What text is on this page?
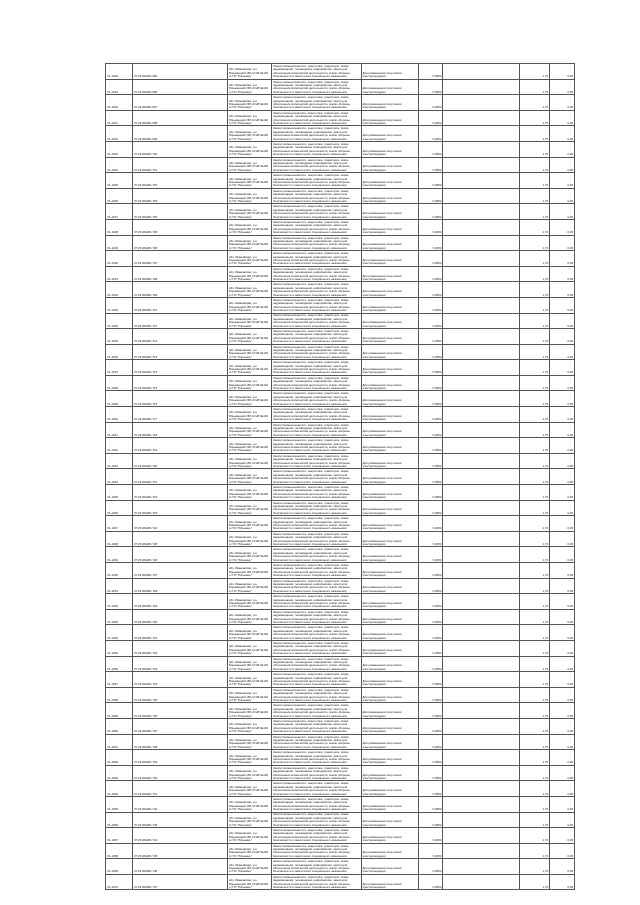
V1-1018	37:22:000201:692	обл. Ивановская, р-н Юрьевецкий, ВЛ-10 кВ №102 от ПС "Юрьевец"	Земли промышленности, энергетики, транспорта, связи, радиовещания, телевидения, информатики, земли для обеспечения космической деятельности, земли обороны, безопасности и земли иного специального назначения	Для размещения опор линии электропередачи	0,0054		1,70	0,09
V1-1019	37:22:000201:696	обл. Ивановская, р-н Юрьевецкий, ВЛ-10 кВ №102 от ПС "Юрьевец"	Земли промышленности, энергетики, транспорта, связи, радиовещания, телевидения, информатики, земли для обеспечения космической деятельности, земли обороны, безопасности и земли иного специального назначения	Для размещения опор линии электропередачи	0,0054		1,70	0,09
V1-1020	37:22:000201:697	обл. Ивановская, р-н Юрьевецкий, ВЛ-10 кВ №102 от ПС "Юрьевец"	Земли промышленности, энергетики, транспорта, связи, радиовещания, телевидения, информатики, земли для обеспечения космической деятельности, земли обороны, безопасности и земли иного специального назначения	Для размещения опор линии электропередачи	0,0054		1,70	0,09
V1-1021	37:22:000201:698	обл. Ивановская, р-н Юрьевецкий, ВЛ-10 кВ №102 от ПС "Юрьевец"	Земли промышленности, энергетики, транспорта, связи, радиовещания, телевидения, информатики, земли для обеспечения космической деятельности, земли обороны, безопасности и земли иного специального назначения	Для размещения опор линии электропередачи	0,0054		1,70	0,09
V1-1022	37:22:000201:699	обл. Ивановская, р-н Юрьевецкий, ВЛ-10 кВ №102 от ПС "Юрьевец"	Земли промышленности, энергетики, транспорта, связи, радиовещания, телевидения, информатики, земли для обеспечения космической деятельности, земли обороны, безопасности и земли иного специального назначения	Для размещения опор линии электропередачи	0,0054		1,70	0,09
V1-1023	37:22:000201:700	обл. Ивановская, р-н Юрьевецкий, ВЛ-10 кВ №102 от ПС "Юрьевец"	Земли промышленности, энергетики, транспорта, связи, радиовещания, телевидения, информатики, земли для обеспечения космической деятельности, земли обороны, безопасности и земли иного специального назначения	Для размещения опор линии электропередачи	0,0054		1,70	0,09
V1-1024	37:22:000201:701	обл. Ивановская, р-н Юрьевецкий, ВЛ-10 кВ №102 от ПС "Юрьевец"	Земли промышленности, энергетики, транспорта, связи, радиовещания, телевидения, информатики, земли для обеспечения космической деятельности, земли обороны, безопасности и земли иного специального назначения	Для размещения опор линии электропередачи	0,0054		1,70	0,09
V1-1025	37:22:000201:702	обл. Ивановская, р-н Юрьевецкий, ВЛ-10 кВ №102 от ПС "Юрьевец"	Земли промышленности, энергетики, транспорта, связи, радиовещания, телевидения, информатики, земли для обеспечения космической деятельности, земли обороны, безопасности и земли иного специального назначения	Для размещения опор линии электропередачи	0,0054		1,70	0,09
V1-1026	37:22:000201:703	обл. Ивановская, р-н Юрьевецкий, ВЛ-10 кВ №102 от ПС "Юрьевец"	Земли промышленности, энергетики, транспорта, связи, радиовещания, телевидения, информатики, земли для обеспечения космической деятельности, земли обороны, безопасности и земли иного специального назначения	Для размещения опор линии электропередачи	0,0054		1,70	0,09
V1-1027	37:22:000201:704	обл. Ивановская, р-н Юрьевецкий, ВЛ-10 кВ №102 от ПС "Юрьевец"	Земли промышленности, энергетики, транспорта, связи, радиовещания, телевидения, информатики, земли для обеспечения космической деятельности, земли обороны, безопасности и земли иного специального назначения	Для размещения опор линии электропередачи	0,0054		1,70	0,09
V1-1028	37:22:000201:705	обл. Ивановская, р-н Юрьевецкий, ВЛ-10 кВ №102 от ПС "Юрьевец"	Земли промышленности, энергетики, транспорта, связи, радиовещания, телевидения, информатики, земли для обеспечения космической деятельности, земли обороны, безопасности и земли иного специального назначения	Для размещения опор линии электропередачи	0,0054		1,70	0,09
V1-1029	37:22:000201:706	обл. Ивановская, р-н Юрьевецкий, ВЛ-10 кВ №102 от ПС "Юрьевец"	Земли промышленности, энергетики, транспорта, связи, радиовещания, телевидения, информатики, земли для обеспечения космической деятельности, земли обороны, безопасности и земли иного специального назначения	Для размещения опор линии электропередачи	0,0054		1,70	0,09
V1-1030	37:22:000201:707	обл. Ивановская, р-н Юрьевецкий, ВЛ-10 кВ №102 от ПС "Юрьевец"	Земли промышленности, энергетики, транспорта, связи, радиовещания, телевидения, информатики, земли для обеспечения космической деятельности, земли обороны, безопасности и земли иного специального назначения	Для размещения опор линии электропередачи	0,0054		1,70	0,09
V1-1031	37:22:000201:708	обл. Ивановская, р-н Юрьевецкий, ВЛ-10 кВ №102 от ПС "Юрьевец"	Земли промышленности, энергетики, транспорта, связи, радиовещания, телевидения, информатики, земли для обеспечения космической деятельности, земли обороны, безопасности и земли иного специального назначения	Для размещения опор линии электропередачи	0,0054		1,70	0,09
V1-1032	37:22:000201:709	обл. Ивановская, р-н Юрьевецкий, ВЛ-10 кВ №102 от ПС "Юрьевец"	Земли промышленности, энергетики, транспорта, связи, радиовещания, телевидения, информатики, земли для обеспечения космической деятельности, земли обороны, безопасности и земли иного специального назначения	Для размещения опор линии электропередачи	0,0054		1,70	0,09
V1-1033	37:22:000201:710	обл. Ивановская, р-н Юрьевецкий, ВЛ-10 кВ №102 от ПС "Юрьевец"	Земли промышленности, энергетики, транспорта, связи, радиовещания, телевидения, информатики, земли для обеспечения космической деятельности, земли обороны, безопасности и земли иного специального назначения	Для размещения опор линии электропередачи	0,0054		1,70	0,09
V1-1034	37:22:000201:711	обл. Ивановская, р-н Юрьевецкий, ВЛ-10 кВ №102 от ПС "Юрьевец"	Земли промышленности, энергетики, транспорта, связи, радиовещания, телевидения, информатики, земли для обеспечения космической деятельности, земли обороны, безопасности и земли иного специального назначения	Для размещения опор линии электропередачи	0,0054		1,70	0,09
V1-1035	37:22:000201:712	обл. Ивановская, р-н Юрьевецкий, ВЛ-10 кВ №102 от ПС "Юрьевец"	Земли промышленности, энергетики, транспорта, связи, радиовещания, телевидения, информатики, земли для обеспечения космической деятельности, земли обороны, безопасности и земли иного специального назначения	Для размещения опор линии электропередачи	0,0054		1,70	0,09
V1-1036	37:22:000201:713	обл. Ивановская, р-н Юрьевецкий, ВЛ-10 кВ №102 от ПС "Юрьевец"	Земли промышленности, энергетики, транспорта, связи, радиовещания, телевидения, информатики, земли для обеспечения космической деятельности, земли обороны, безопасности и земли иного специального назначения	Для размещения опор линии электропередачи	0,0054		1,70	0,09
V1-1037	37:22:000201:714	обл. Ивановская, р-н Юрьевецкий, ВЛ-10 кВ №102 от ПС "Юрьевец"	Земли промышленности, энергетики, транспорта, связи, радиовещания, телевидения, информатики, земли для обеспечения космической деятельности, земли обороны, безопасности и земли иного специального назначения	Для размещения опор линии электропередачи	0,0054		1,70	0,09
V1-1038	37:22:000201:715	обл. Ивановская, р-н Юрьевецкий, ВЛ-10 кВ №102 от ПС "Юрьевец"	Земли промышленности, энергетики, транспорта, связи, радиовещания, телевидения, информатики, земли для обеспечения космической деятельности, земли обороны, безопасности и земли иного специального назначения	Для размещения опор линии электропередачи	0,0054		1,70	0,09
V1-1039	37:22:000201:716	обл. Ивановская, р-н Юрьевецкий, ВЛ-10 кВ №102 от ПС "Юрьевец"	Земли промышленности, энергетики, транспорта, связи, радиовещания, телевидения, информатики, земли для обеспечения космической деятельности, земли обороны, безопасности и земли иного специального назначения	Для размещения опор линии электропередачи	0,0054		1,70	0,09
V1-1040	37:22:000201:717	обл. Ивановская, р-н Юрьевецкий, ВЛ-10 кВ №102 от ПС "Юрьевец"	Земли промышленности, энергетики, транспорта, связи, радиовещания, телевидения, информатики, земли для обеспечения космической деятельности, земли обороны, безопасности и земли иного специального назначения	Для размещения опор линии электропередачи	0,0054		1,70	0,09
V1-1041	37:22:000201:718	обл. Ивановская, р-н Юрьевецкий, ВЛ-10 кВ №102 от ПС "Юрьевец"	Земли промышленности, энергетики, транспорта, связи, радиовещания, телевидения, информатики, земли для обеспечения космической деятельности, земли обороны, безопасности и земли иного специального назначения	Для размещения опор линии электропередачи	0,0054		1,70	0,09
V1-1042	37:22:000201:719	обл. Ивановская, р-н Юрьевецкий, ВЛ-10 кВ №102 от ПС "Юрьевец"	Земли промышленности, энергетики, транспорта, связи, радиовещания, телевидения, информатики, земли для обеспечения космической деятельности, земли обороны, безопасности и земли иного специального назначения	Для размещения опор линии электропередачи	0,0054		1,70	0,09
V1-1043	37:22:000201:720	обл. Ивановская, р-н Юрьевецкий, ВЛ-10 кВ №102 от ПС "Юрьевец"	Земли промышленности, энергетики, транспорта, связи, радиовещания, телевидения, информатики, земли для обеспечения космической деятельности, земли обороны, безопасности и земли иного специального назначения	Для размещения опор линии электропередачи	0,0054		1,70	0,09
V1-1044	37:22:000201:721	обл. Ивановская, р-н Юрьевецкий, ВЛ-10 кВ №102 от ПС "Юрьевец"	Земли промышленности, энергетики, транспорта, связи, радиовещания, телевидения, информатики, земли для обеспечения космической деятельности, земли обороны, безопасности и земли иного специального назначения	Для размещения опор линии электропередачи	0,0054		1,70	0,09
V1-1045	37:22:000201:722	обл. Ивановская, р-н Юрьевецкий, ВЛ-10 кВ №102 от ПС "Юрьевец"	Земли промышленности, энергетики, транспорта, связи, радиовещания, телевидения, информатики, земли для обеспечения космической деятельности, земли обороны, безопасности и земли иного специального назначения	Для размещения опор линии электропередачи	0,0054		1,70	0,09
V1-1046	37:22:000201:723	обл. Ивановская, р-н Юрьевецкий, ВЛ-10 кВ №102 от ПС "Юрьевец"	Земли промышленности, энергетики, транспорта, связи, радиовещания, телевидения, информатики, земли для обеспечения космической деятельности, земли обороны, безопасности и земли иного специального назначения	Для размещения опор линии электропередачи	0,0054		1,70	0,09
V1-1047	37:22:000201:724	обл. Ивановская, р-н Юрьевецкий, ВЛ-10 кВ №102 от ПС "Юрьевец"	Земли промышленности, энергетики, транспорта, связи, радиовещания, телевидения, информатики, земли для обеспечения космической деятельности, земли обороны, безопасности и земли иного специального назначения	Для размещения опор линии электропередачи	0,0054		1,70	0,09
V1-1048	37:22:000201:725	обл. Ивановская, р-н Юрьевецкий, ВЛ-10 кВ №102 от ПС "Юрьевец"	Земли промышленности, энергетики, транспорта, связи, радиовещания, телевидения, информатики, земли для обеспечения космической деятельности, земли обороны, безопасности и земли иного специального назначения	Для размещения опор линии электропередачи	0,0054		1,70	0,09
V1-1049	37:22:000201:726	обл. Ивановская, р-н Юрьевецкий, ВЛ-10 кВ №102 от ПС "Юрьевец"	Земли промышленности, энергетики, транспорта, связи, радиовещания, телевидения, информатики, земли для обеспечения космической деятельности, земли обороны, безопасности и земли иного специального назначения	Для размещения опор линии электропередачи	0,0054		1,70	0,09
V1-1050	37:22:000201:727	обл. Ивановская, р-н Юрьевецкий, ВЛ-10 кВ №102 от ПС "Юрьевец"	Земли промышленности, энергетики, транспорта, связи, радиовещания, телевидения, информатики, земли для обеспечения космической деятельности, земли обороны, безопасности и земли иного специального назначения	Для размещения опор линии электропередачи	0,0054		1,70	0,09
V1-1051	37:22:000201:728	обл. Ивановская, р-н Юрьевецкий, ВЛ-10 кВ №102 от ПС "Юрьевец"	Земли промышленности, энергетики, транспорта, связи, радиовещания, телевидения, информатики, земли для обеспечения космической деятельности, земли обороны, безопасности и земли иного специального назначения	Для размещения опор линии электропередачи	0,0054		1,70	0,09
V1-1052	37:22:000201:729	обл. Ивановская, р-н Юрьевецкий, ВЛ-10 кВ №102 от ПС "Юрьевец"	Земли промышленности, энергетики, транспорта, связи, радиовещания, телевидения, информатики, земли для обеспечения космической деятельности, земли обороны, безопасности и земли иного специального назначения	Для размещения опор линии электропередачи	0,0054		1,70	0,09
V1-1053	37:22:000201:730	обл. Ивановская, р-н Юрьевецкий, ВЛ-10 кВ №102 от ПС "Юрьевец"	Земли промышленности, энергетики, транспорта, связи, радиовещания, телевидения, информатики, земли для обеспечения космической деятельности, земли обороны, безопасности и земли иного специального назначения	Для размещения опор линии электропередачи	0,0054		1,70	0,09
V1-1054	37:22:000201:731	обл. Ивановская, р-н Юрьевецкий, ВЛ-10 кВ №102 от ПС "Юрьевец"	Земли промышленности, энергетики, транспорта, связи, радиовещания, телевидения, информатики, земли для обеспечения космической деятельности, земли обороны, безопасности и земли иного специального назначения	Для размещения опор линии электропередачи	0,0054		1,70	0,09
V1-1055	37:22:000201:732	обл. Ивановская, р-н Юрьевецкий, ВЛ-10 кВ №102 от ПС "Юрьевец"	Земли промышленности, энергетики, транспорта, связи, радиовещания, телевидения, информатики, земли для обеспечения космической деятельности, земли обороны, безопасности и земли иного специального назначения	Для размещения опор линии электропередачи	0,0054		1,70	0,09
V1-1056	37:22:000201:733	обл. Ивановская, р-н Юрьевецкий, ВЛ-10 кВ №102 от ПС "Юрьевец"	Земли промышленности, энергетики, транспорта, связи, радиовещания, телевидения, информатики, земли для обеспечения космической деятельности, земли обороны, безопасности и земли иного специального назначения	Для размещения опор линии электропередачи	0,0054		1,70	0,09
V1-1057	37:22:000201:734	обл. Ивановская, р-н Юрьевецкий, ВЛ-10 кВ №102 от ПС "Юрьевец"	Земли промышленности, энергетики, транспорта, связи, радиовещания, телевидения, информатики, земли для обеспечения космической деятельности, земли обороны, безопасности и земли иного специального назначения	Для размещения опор линии электропередачи	0,0054		1,70	0,09
V1-1058	37:22:000201:735	обл. Ивановская, р-н Юрьевецкий, ВЛ-10 кВ №102 от ПС "Юрьевец"	Земли промышленности, энергетики, транспорта, связи, радиовещания, телевидения, информатики, земли для обеспечения космической деятельности, земли обороны, безопасности и земли иного специального назначения	Для размещения опор линии электропередачи	0,0054		1,70	0,09
V1-1059	37:22:000201:736	обл. Ивановская, р-н Юрьевецкий, ВЛ-10 кВ №102 от ПС "Юрьевец"	Земли промышленности, энергетики, транспорта, связи, радиовещания, телевидения, информатики, земли для обеспечения космической деятельности, земли обороны, безопасности и земли иного специального назначения	Для размещения опор линии электропередачи	0,0054		1,70	0,09
V1-1060	37:22:000201:737	обл. Ивановская, р-н Юрьевецкий, ВЛ-10 кВ №102 от ПС "Юрьевец"	Земли промышленности, энергетики, транспорта, связи, радиовещания, телевидения, информатики, земли для обеспечения космической деятельности, земли обороны, безопасности и земли иного специального назначения	Для размещения опор линии электропередачи	0,0054		1,70	0,09
V1-1061	37:22:000201:738	обл. Ивановская, р-н Юрьевецкий, ВЛ-10 кВ №102 от ПС "Юрьевец"	Земли промышленности, энергетики, транспорта, связи, радиовещания, телевидения, информатики, земли для обеспечения космической деятельности, земли обороны, безопасности и земли иного специального назначения	Для размещения опор линии электропередачи	0,0054		1,70	0,09
V1-1062	37:22:000201:739	обл. Ивановская, р-н Юрьевецкий, ВЛ-10 кВ №102 от ПС "Юрьевец"	Земли промышленности, энергетики, транспорта, связи, радиовещания, телевидения, информатики, земли для обеспечения космической деятельности, земли обороны, безопасности и земли иного специального назначения	Для размещения опор линии электропередачи	0,0054		1,70	0,09
V1-1063	37:22:000201:740	обл. Ивановская, р-н Юрьевецкий, ВЛ-10 кВ №102 от ПС "Юрьевец"	Земли промышленности, энергетики, транспорта, связи, радиовещания, телевидения, информатики, земли для обеспечения космической деятельности, земли обороны, безопасности и земли иного специального назначения	Для размещения опор линии электропередачи	0,0054		1,70	0,09
V1-1064	37:22:000201:741	обл. Ивановская, р-н Юрьевецкий, ВЛ-10 кВ №102 от ПС "Юрьевец"	Земли промышленности, энергетики, транспорта, связи, радиовещания, телевидения, информатики, земли для обеспечения космической деятельности, земли обороны, безопасности и земли иного специального назначения	Для размещения опор линии электропередачи	0,0054		1,70	0,09
V1-1065	37:22:000201:742	обл. Ивановская, р-н Юрьевецкий, ВЛ-10 кВ №102 от ПС "Юрьевец"	Земли промышленности, энергетики, транспорта, связи, радиовещания, телевидения, информатики, земли для обеспечения космической деятельности, земли обороны, безопасности и земли иного специального назначения	Для размещения опор линии электропередачи	0,0054		1,70	0,09
V1-1066	37:22:000201:743	обл. Ивановская, р-н Юрьевецкий, ВЛ-10 кВ №102 от ПС "Юрьевец"	Земли промышленности, энергетики, транспорта, связи, радиовещания, телевидения, информатики, земли для обеспечения космической деятельности, земли обороны, безопасности и земли иного специального назначения	Для размещения опор линии электропередачи	0,0054		1,70	0,09
V1-1067	37:22:000201:744	обл. Ивановская, р-н Юрьевецкий, ВЛ-10 кВ №102 от ПС "Юрьевец"	Земли промышленности, энергетики, транспорта, связи, радиовещания, телевидения, информатики, земли для обеспечения космической деятельности, земли обороны, безопасности и земли иного специального назначения	Для размещения опор линии электропередачи	0,0054		1,70	0,09
V1-1068	37:22:000201:745	обл. Ивановская, р-н Юрьевецкий, ВЛ-10 кВ №102 от ПС "Юрьевец"	Земли промышленности, энергетики, транспорта, связи, радиовещания, телевидения, информатики, земли для обеспечения космической деятельности, земли обороны, безопасности и земли иного специального назначения	Для размещения опор линии электропередачи	0,0054		1,70	0,09
V1-1069	37:22:000201:746	обл. Ивановская, р-н Юрьевецкий, ВЛ-10 кВ №102 от ПС "Юрьевец"	Земли промышленности, энергетики, транспорта, связи, радиовещания, телевидения, информатики, земли для обеспечения космической деятельности, земли обороны, безопасности и земли иного специального назначения	Для размещения опор линии электропередачи	0,0054		1,70	0,09
V1-1070	37:22:000201:747	обл. Ивановская, р-н Юрьевецкий, ВЛ-10 кВ №102 от ПС "Юрьевец"	Земли промышленности, энергетики, транспорта, связи, радиовещания, телевидения, информатики, земли для обеспечения космической деятельности, земли обороны, безопасности и земли иного специального назначения	Для размещения опор линии электропередачи	0,0054		1,70	0,09
